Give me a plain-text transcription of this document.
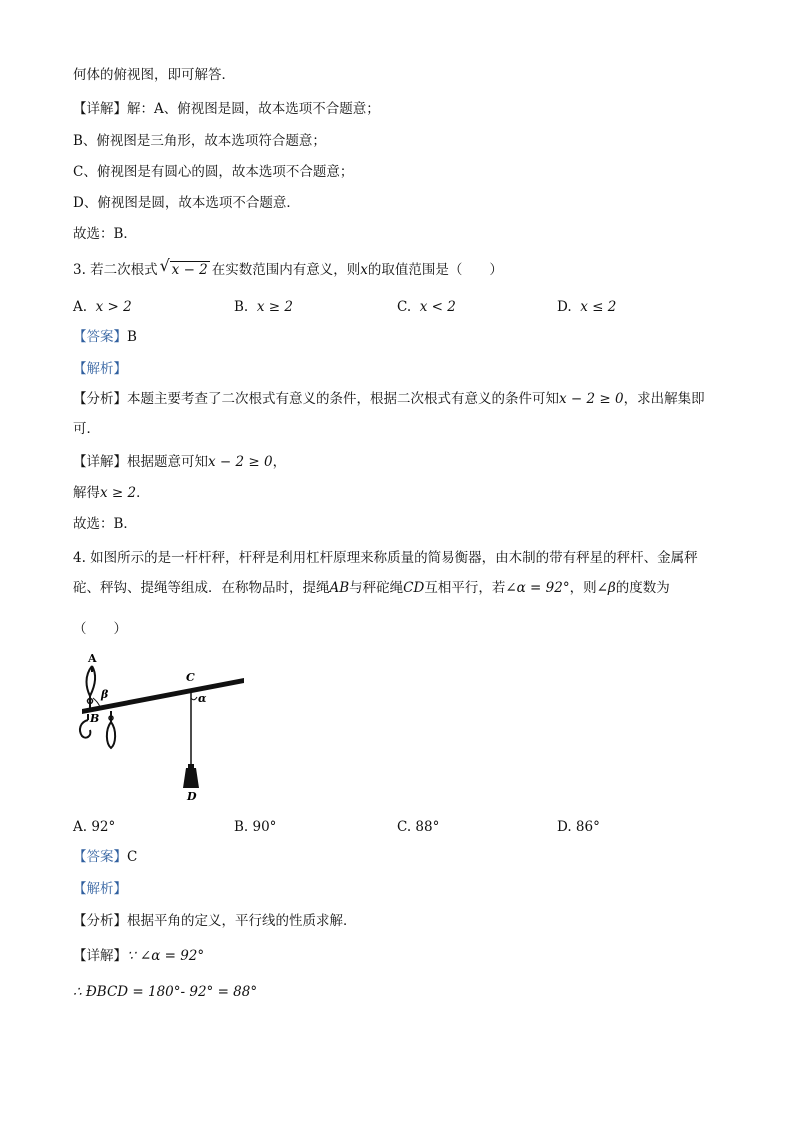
何体的俯视图，即可解答．
【详解】解：A、俯视图是圆，故本选项不合题意；
B、俯视图是三角形，故本选项符合题意；
C、俯视图是有圆心的圆，故本选项不合题意；
D、俯视图是圆，故本选项不合题意．
故选：B．
3. 若二次根式 √ x − 2 在实数范围内有意义，则x的取值范围是（　　）
A. x > 2	B. x ≥ 2	C. x < 2	D. x ≤ 2
【答案】B
【解析】
【分析】本题主要考查了二次根式有意义的条件，根据二次根式有意义的条件可知x − 2 ≥ 0，求出解集即可．
【详解】根据题意可知x − 2 ≥ 0，
解得x ≥ 2．
故选：B．
4. 如图所示的是一杆杆秤，杆秤是利用杠杆原理来称质量的简易衡器，由木制的带有秤星的秤杆、金属秤砣、秤钩、提绳等组成．在称物品时，提绳AB与秤砣绳CD互相平行，若∠α = 92°，则∠β的度数为
（　　）
A
β
B
C
α
D
A. 92°	B. 90°	C. 88°	D. 86°
【答案】C
【解析】
【分析】根据平角的定义，平行线的性质求解．
【详解】∵ ∠α = 92°
∴ ÐBCD = 180°- 92° = 88°
